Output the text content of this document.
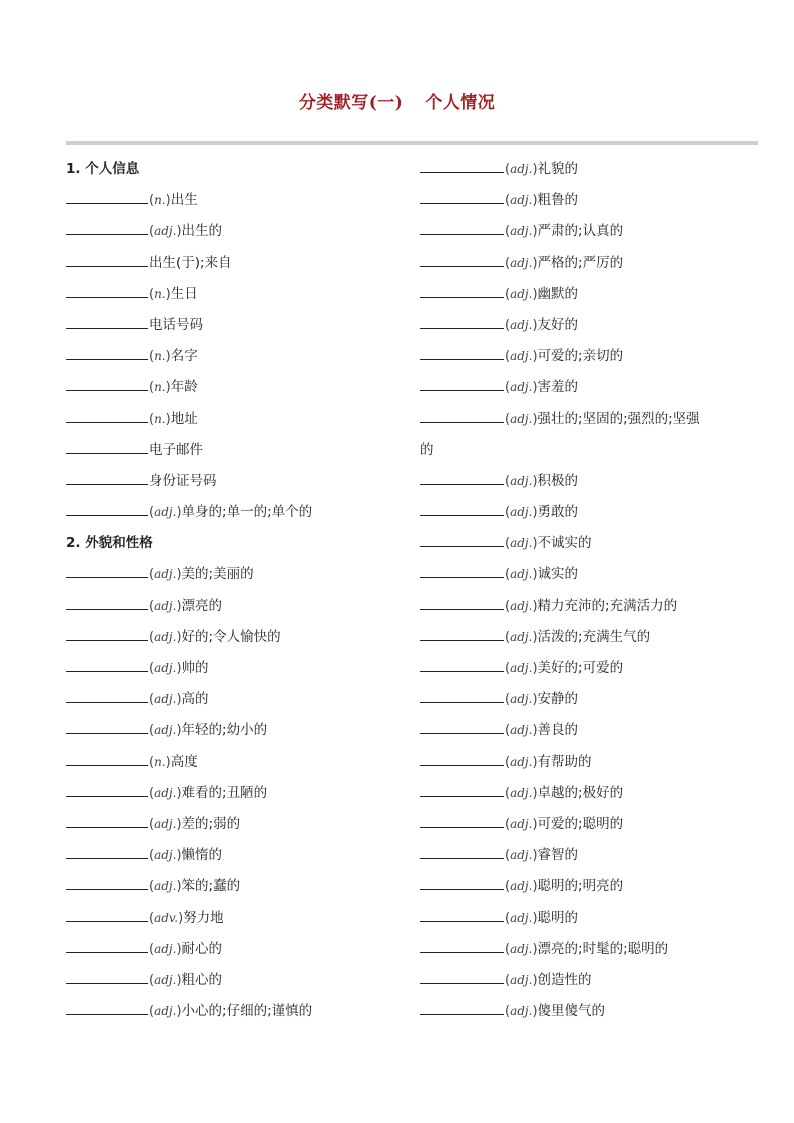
分类默写(一) 个人情况
1. 个人信息
(n.)出生
(adj.)出生的
出生(于);来自
(n.)生日
电话号码
(n.)名字
(n.)年龄
(n.)地址
电子邮件
身份证号码
(adj.)单身的;单一的;单个的
2. 外貌和性格
(adj.)美的;美丽的
(adj.)漂亮的
(adj.)好的;令人愉快的
(adj.)帅的
(adj.)高的
(adj.)年轻的;幼小的
(n.)高度
(adj.)难看的;丑陋的
(adj.)差的;弱的
(adj.)懒惰的
(adj.)笨的;蠢的
(adv.)努力地
(adj.)耐心的
(adj.)粗心的
(adj.)小心的;仔细的;谨慎的
(adj.)礼貌的
(adj.)粗鲁的
(adj.)严肃的;认真的
(adj.)严格的;严厉的
(adj.)幽默的
(adj.)友好的
(adj.)可爱的;亲切的
(adj.)害羞的
(adj.)强壮的;坚固的;强烈的;坚强
的
(adj.)积极的
(adj.)勇敢的
(adj.)不诚实的
(adj.)诚实的
(adj.)精力充沛的;充满活力的
(adj.)活泼的;充满生气的
(adj.)美好的;可爱的
(adj.)安静的
(adj.)善良的
(adj.)有帮助的
(adj.)卓越的;极好的
(adj.)可爱的;聪明的
(adj.)睿智的
(adj.)聪明的;明亮的
(adj.)聪明的
(adj.)漂亮的;时髦的;聪明的
(adj.)创造性的
(adj.)傻里傻气的
